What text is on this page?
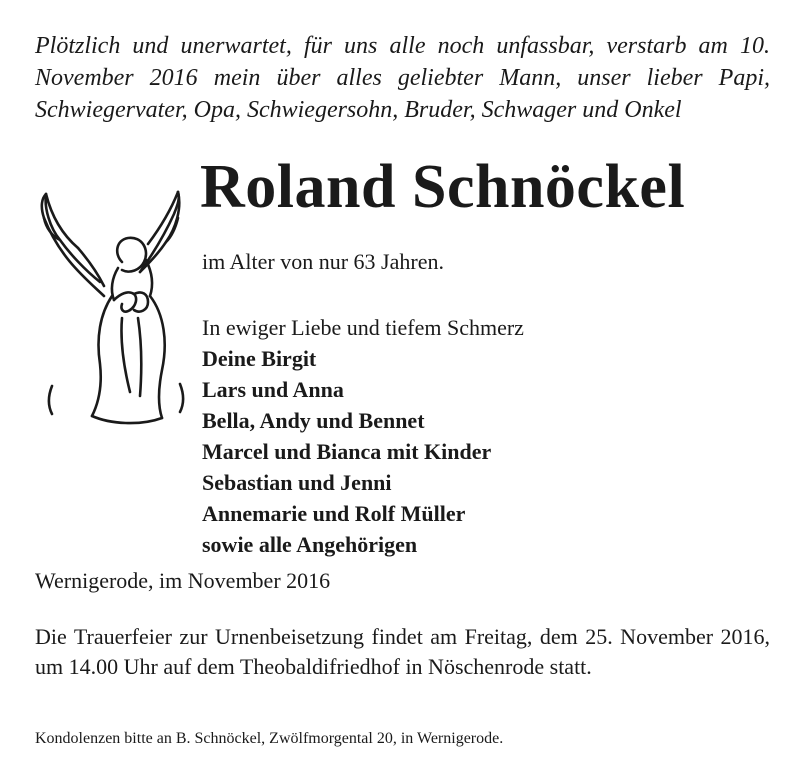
Plötzlich und unerwartet, für uns alle noch unfassbar, verstarb am 10. November 2016 mein über alles geliebter Mann, unser lieber Papi, Schwiegervater, Opa, Schwiegersohn, Bruder, Schwager und Onkel

Roland Schnöckel

im Alter von nur 63 Jahren.

In ewiger Liebe und tiefem Schmerz
Deine Birgit
Lars und Anna
Bella, Andy und Bennet
Marcel und Bianca mit Kinder
Sebastian und Jenni
Annemarie und Rolf Müller
sowie alle Angehörigen

Wernigerode, im November 2016

Die Trauerfeier zur Urnenbeisetzung findet am Freitag, dem 25. November 2016, um 14.00 Uhr auf dem Theobaldifriedhof in Nöschenrode statt.

Kondolenzen bitte an B. Schnöckel, Zwölfmorgental 20, in Wernigerode.
